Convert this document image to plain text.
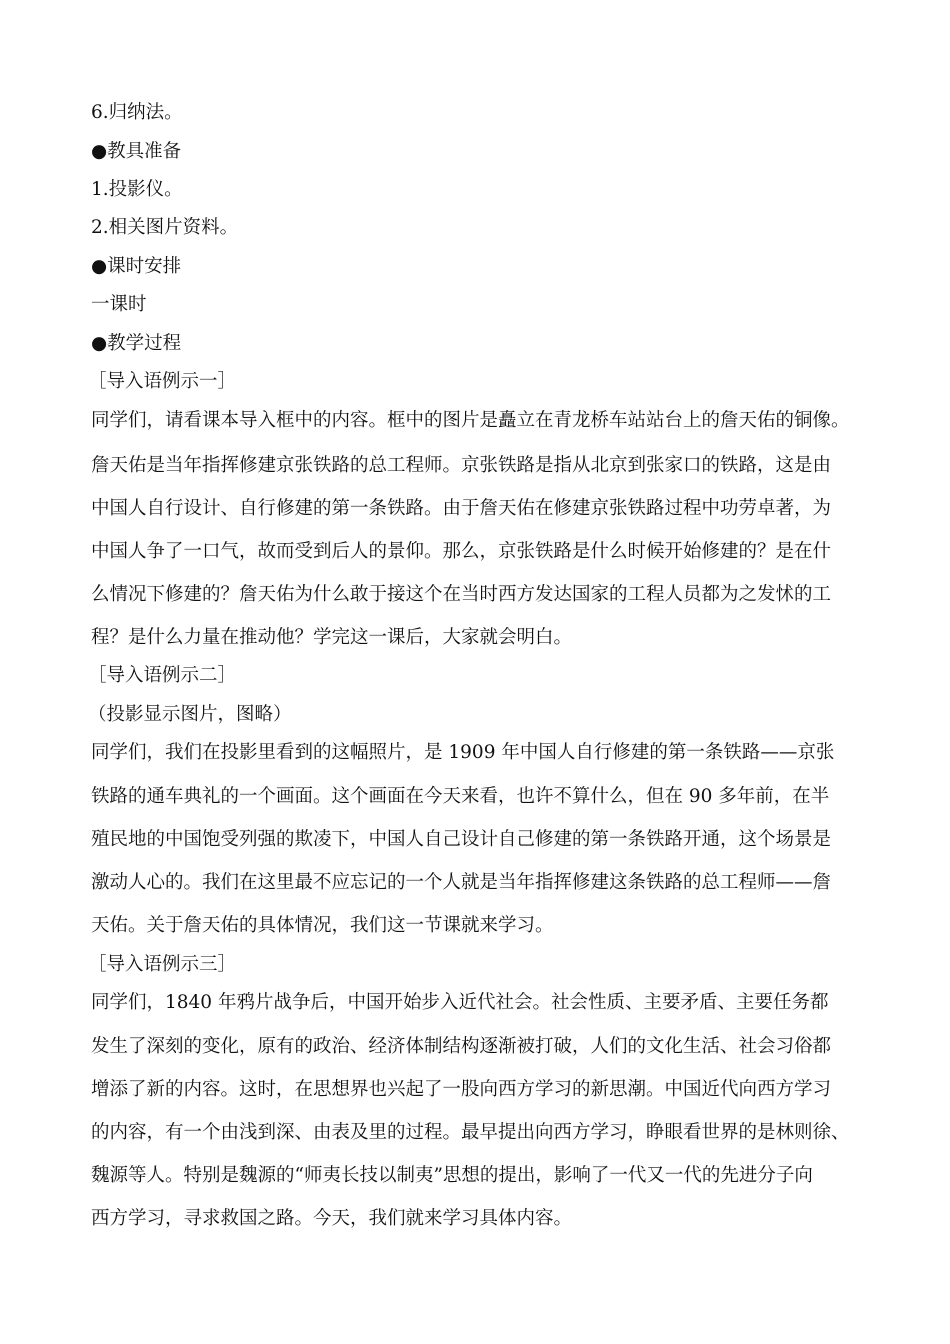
6.归纳法。
●教具准备
1.投影仪。
2.相关图片资料。
●课时安排
一课时
●教学过程
［导入语例示一］
同学们，请看课本导入框中的内容。框中的图片是矗立在青龙桥车站站台上的詹天佑的铜像。
詹天佑是当年指挥修建京张铁路的总工程师。京张铁路是指从北京到张家口的铁路，这是由
中国人自行设计、自行修建的第一条铁路。由于詹天佑在修建京张铁路过程中功劳卓著，为
中国人争了一口气，故而受到后人的景仰。那么，京张铁路是什么时候开始修建的？是在什
么情况下修建的？詹天佑为什么敢于接这个在当时西方发达国家的工程人员都为之发怵的工
程？是什么力量在推动他？学完这一课后，大家就会明白。
［导入语例示二］
（投影显示图片，图略）
同学们，我们在投影里看到的这幅照片，是 1909 年中国人自行修建的第一条铁路——京张
铁路的通车典礼的一个画面。这个画面在今天来看，也许不算什么，但在 90 多年前，在半
殖民地的中国饱受列强的欺凌下，中国人自己设计自己修建的第一条铁路开通，这个场景是
激动人心的。我们在这里最不应忘记的一个人就是当年指挥修建这条铁路的总工程师——詹
天佑。关于詹天佑的具体情况，我们这一节课就来学习。
［导入语例示三］
同学们，1840 年鸦片战争后，中国开始步入近代社会。社会性质、主要矛盾、主要任务都
发生了深刻的变化，原有的政治、经济体制结构逐渐被打破，人们的文化生活、社会习俗都
增添了新的内容。这时，在思想界也兴起了一股向西方学习的新思潮。中国近代向西方学习
的内容，有一个由浅到深、由表及里的过程。最早提出向西方学习，睁眼看世界的是林则徐、
魏源等人。特别是魏源的“师夷长技以制夷”思想的提出，影响了一代又一代的先进分子向
西方学习，寻求救国之路。今天，我们就来学习具体内容。
